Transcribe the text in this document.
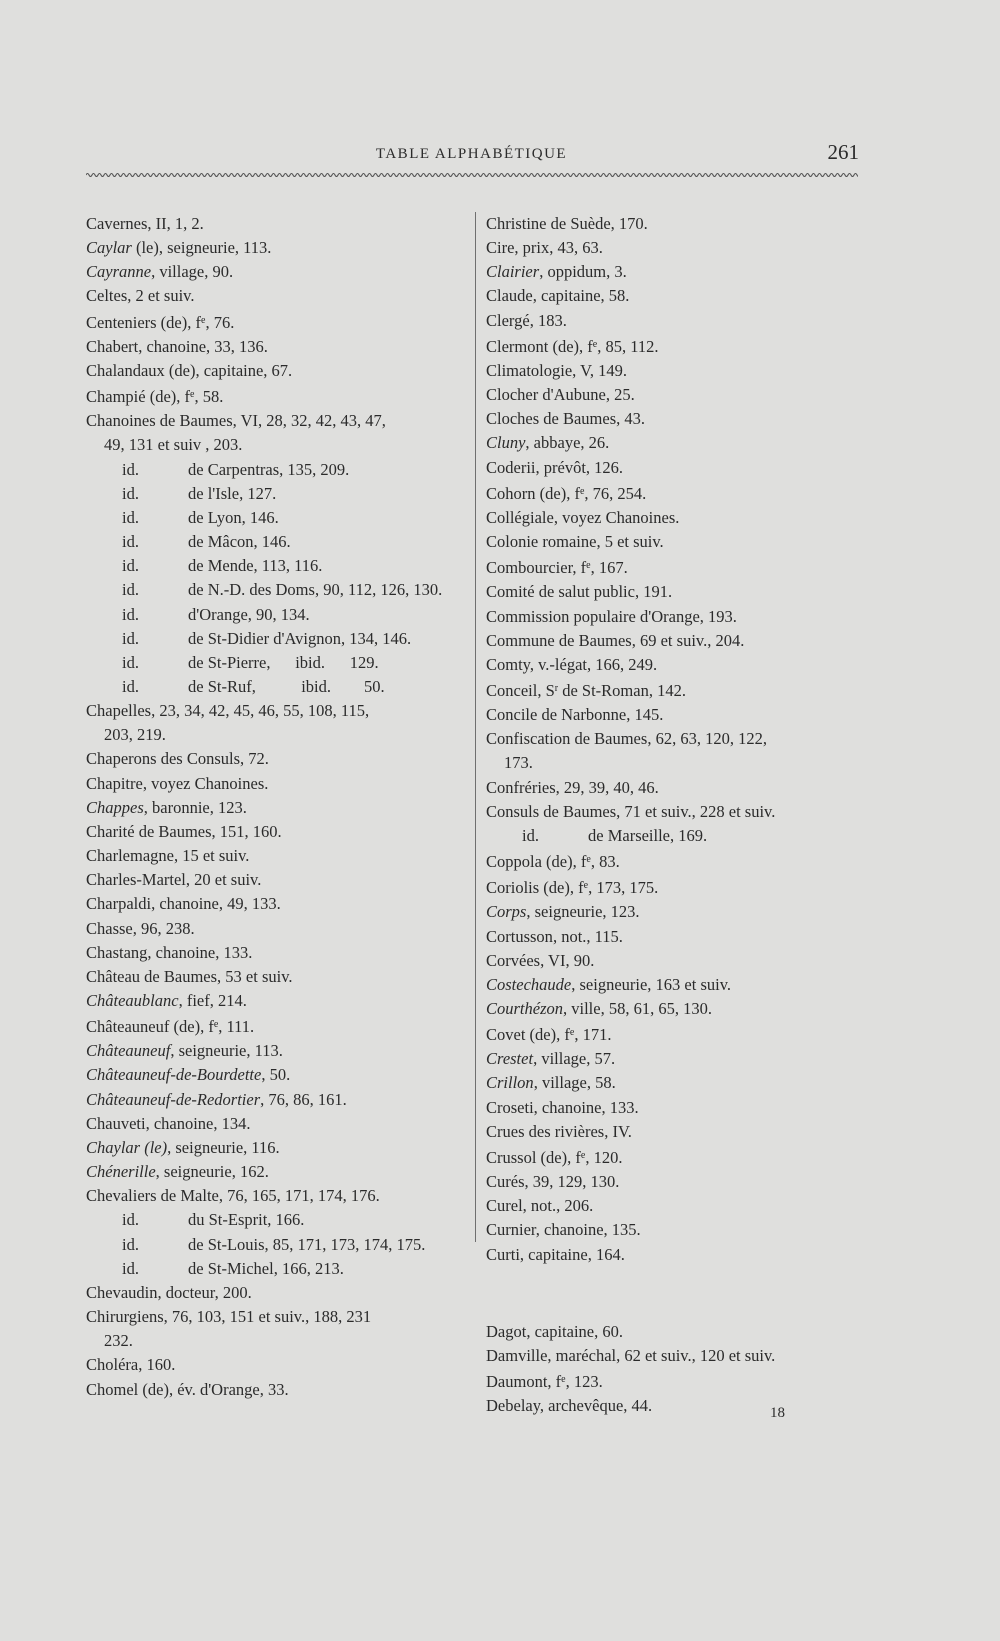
TABLE ALPHABÉTIQUE	261
Cavernes, II, 1, 2.
Caylar (le), seigneurie, 113.
Cayranne, village, 90.
Celtes, 2 et suiv.
Centeniers (de), $f^e$, 76.
Chabert, chanoine, 33, 136.
Chalandaux (de), capitaine, 67.
Champié (de), $f^e$, 58.
Chanoines de Baumes, VI, 28, 32, 42, 43, 47,
49, 131 et suiv , 203.
id.	de Carpentras, 135, 209.
id.	de l'Isle, 127.
id.	de Lyon, 146.
id.	de Mâcon, 146.
id.	de Mende, 113, 116.
id.	de N.-D. des Doms, 90, 112, 126, 130.
id.	d'Orange, 90, 134.
id.	de St-Didier d'Avignon, 134, 146.
id.	de St-Pierre,      ibid.      129.
id.	de St-Ruf,           ibid.        50.
Chapelles, 23, 34, 42, 45, 46, 55, 108, 115,
203, 219.
Chaperons des Consuls, 72.
Chapitre, voyez Chanoines.
Chappes, baronnie, 123.
Charité de Baumes, 151, 160.
Charlemagne, 15 et suiv.
Charles-Martel, 20 et suiv.
Charpaldi, chanoine, 49, 133.
Chasse, 96, 238.
Chastang, chanoine, 133.
Château de Baumes, 53 et suiv.
Châteaublanc, fief, 214.
Châteauneuf (de), $f^e$, 111.
Châteauneuf, seigneurie, 113.
Châteauneuf-de-Bourdette, 50.
Châteauneuf-de-Redortier, 76, 86, 161.
Chauveti, chanoine, 134.
Chaylar (le), seigneurie, 116.
Chénerille, seigneurie, 162.
Chevaliers de Malte, 76, 165, 171, 174, 176.
id.	du St-Esprit, 166.
id.	de St-Louis, 85, 171, 173, 174, 175.
id.	de St-Michel, 166, 213.
Chevaudin, docteur, 200.
Chirurgiens, 76, 103, 151 et suiv., 188, 231
232.
Choléra, 160.
Chomel (de), év. d'Orange, 33.
Christine de Suède, 170.
Cire, prix, 43, 63.
Clairier, oppidum, 3.
Claude, capitaine, 58.
Clergé, 183.
Clermont (de), $f^e$, 85, 112.
Climatologie, V, 149.
Clocher d'Aubune, 25.
Cloches de Baumes, 43.
Cluny, abbaye, 26.
Coderii, prévôt, 126.
Cohorn (de), $f^e$, 76, 254.
Collégiale, voyez Chanoines.
Colonie romaine, 5 et suiv.
Combourcier, $f^e$, 167.
Comité de salut public, 191.
Commission populaire d'Orange, 193.
Commune de Baumes, 69 et suiv., 204.
Comty, v.-légat, 166, 249.
Conceil, $S^r$ de St-Roman, 142.
Concile de Narbonne, 145.
Confiscation de Baumes, 62, 63, 120, 122,
173.
Confréries, 29, 39, 40, 46.
Consuls de Baumes, 71 et suiv., 228 et suiv.
id.	de Marseille, 169.
Coppola (de), $f^e$, 83.
Coriolis (de), $f^e$, 173, 175.
Corps, seigneurie, 123.
Cortusson, not., 115.
Corvées, VI, 90.
Costechaude, seigneurie, 163 et suiv.
Courthézon, ville, 58, 61, 65, 130.
Covet (de), $f^e$, 171.
Crestet, village, 57.
Crillon, village, 58.
Croseti, chanoine, 133.
Crues des rivières, IV.
Crussol (de), $f^e$, 120.
Curés, 39, 129, 130.
Curel, not., 206.
Curnier, chanoine, 135.
Curti, capitaine, 164.
Dagot, capitaine, 60.
Damville, maréchal, 62 et suiv., 120 et suiv.
Daumont, $f^e$, 123.
Debelay, archevêque, 44.	18
